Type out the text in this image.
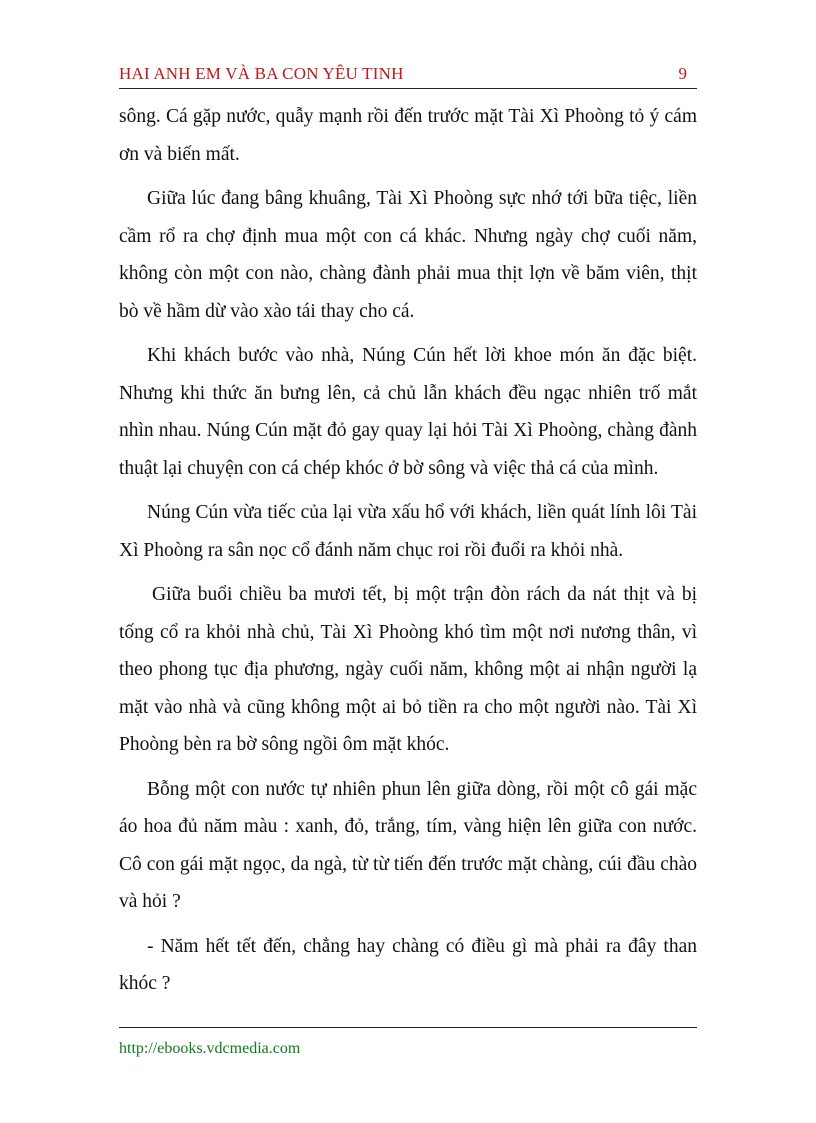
HAI ANH EM VÀ BA CON YÊU TINH	9

sông. Cá gặp nước, quẫy mạnh rồi đến trước mặt Tài Xì Phoòng tỏ ý cám ơn và biến mất.

Giữa lúc đang bâng khuâng, Tài Xì Phoòng sực nhớ tới bữa tiệc, liền cầm rổ ra chợ định mua một con cá khác. Nhưng ngày chợ cuối năm, không còn một con nào, chàng đành phải mua thịt lợn về băm viên, thịt bò về hầm dừ vào xào tái thay cho cá.

Khi khách bước vào nhà, Núng Cún hết lời khoe món ăn đặc biệt. Nhưng khi thức ăn bưng lên, cả chủ lẫn khách đều ngạc nhiên trố mắt nhìn nhau. Núng Cún mặt đỏ gay quay lại hỏi Tài Xì Phoòng, chàng đành thuật lại chuyện con cá chép khóc ở bờ sông và việc thả cá của mình.

Núng Cún vừa tiếc của lại vừa xấu hổ với khách, liền quát lính lôi Tài Xì Phoòng ra sân nọc cổ đánh năm chục roi rồi đuổi ra khỏi nhà.

Giữa buổi chiều ba mươi tết, bị một trận đòn rách da nát thịt và bị tống cổ ra khỏi nhà chủ, Tài Xì Phoòng khó tìm một nơi nương thân, vì theo phong tục địa phương, ngày cuối năm, không một ai nhận người lạ mặt vào nhà và cũng không một ai bỏ tiền ra cho một người nào. Tài Xì Phoòng bèn ra bờ sông ngồi ôm mặt khóc.

Bỗng một con nước tự nhiên phun lên giữa dòng, rồi một cô gái mặc áo hoa đủ năm màu : xanh, đỏ, trắng, tím, vàng hiện lên giữa con nước. Cô con gái mặt ngọc, da ngà, từ từ tiến đến trước mặt chàng, cúi đầu chào và hỏi ?

- Năm hết tết đến, chẳng hay chàng có điều gì mà phải ra đây than khóc ?

http://ebooks.vdcmedia.com
